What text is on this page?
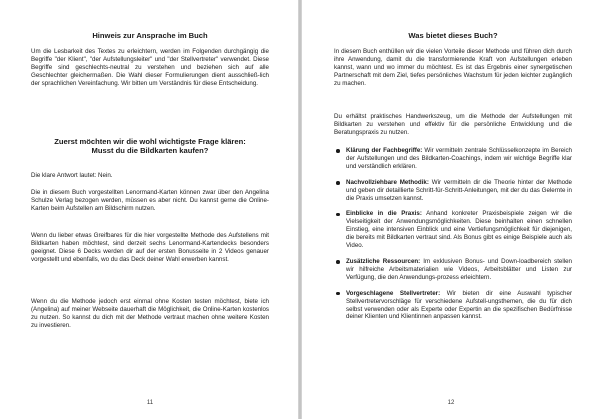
Hinweis zur Ansprache im Buch

Um die Lesbarkeit des Textes zu erleichtern, werden im Folgenden durchgängig die Begriffe "der Klient", "der Aufstellungsleiter" und "der Stellvertreter" verwendet. Diese Begriffe sind geschlechts-neutral zu verstehen und beziehen sich auf alle Geschlechter gleichermaßen. Die Wahl dieser Formulierungen dient ausschließ-lich der sprachlichen Vereinfachung. Wir bitten um Verständnis für diese Entscheidung.

Zuerst möchten wir die wohl wichtigste Frage klären:
Musst du die Bildkarten kaufen?

Die klare Antwort lautet: Nein.

Die in diesem Buch vorgestellten Lenormand-Karten können zwar über den Angelina Schulze Verlag bezogen werden, müssen es aber nicht. Du kannst gerne die Online-Karten beim Aufstellen am Bildschirm nutzen.

Wenn du lieber etwas Greifbares für die hier vorgestellte Methode des Aufstellens mit Bildkarten haben möchtest, sind derzeit sechs Lenormand-Kartendecks besonders geeignet. Diese 6 Decks werden dir auf der ersten Bonusseite in 2 Videos genauer vorgestellt und ebenfalls, wo du das Deck deiner Wahl erwerben kannst.

Wenn du die Methode jedoch erst einmal ohne Kosten testen möchtest, biete ich (Angelina) auf meiner Webseite dauerhaft die Möglichkeit, die Online-Karten kostenlos zu nutzen. So kannst du dich mit der Methode vertraut machen ohne weitere Kosten zu investieren.

11
Was bietet dieses Buch?

In diesem Buch enthüllen wir die vielen Vorteile dieser Methode und führen dich durch ihre Anwendung, damit du die transformierende Kraft von Aufstellungen erleben kannst, wann und wo immer du möchtest. Es ist das Ergebnis einer synergetischen Partnerschaft mit dem Ziel, tiefes persönliches Wachstum für jeden leichter zugänglich zu machen.

Du erhältst praktisches Handwerkszeug, um die Methode der Aufstellungen mit Bildkarten zu verstehen und effektiv für die persönliche Entwicklung und die Beratungspraxis zu nutzen.

Klärung der Fachbegriffe: Wir vermitteln zentrale Schlüsselkonzepte im Bereich der Aufstellungen und des Bildkarten-Coachings, indem wir wichtige Begriffe klar und verständlich erklären.

Nachvollziehbare Methodik: Wir vermitteln dir die Theorie hinter der Methode und geben dir detaillierte Schritt-für-Schritt-Anleitungen, mit der du das Gelernte in die Praxis umsetzen kannst.

Einblicke in die Praxis: Anhand konkreter Praxisbeispiele zeigen wir die Vielseitigkeit der Anwendungsmöglichkeiten. Diese beinhalten einen schnellen Einstieg, eine intensiven Einblick und eine Vertiefungsmöglichkeit für diejenigen, die bereits mit Bildkarten vertraut sind. Als Bonus gibt es einige Beispiele auch als Video.

Zusätzliche Ressourcen: Im exklusiven Bonus- und Down-loadbereich stellen wir hilfreiche Arbeitsmaterialien wie Videos, Arbeitsblätter und Listen zur Verfügung, die den Anwendungs-prozess erleichtern.

Vorgeschlagene Stellvertreter: Wir bieten dir eine Auswahl typischer Stellvertretervorschläge für verschiedene Aufstell-ungsthemen, die du für dich selbst verwenden oder als Experte oder Expertin an die spezifischen Bedürfnisse deiner Klienten und Klientinnen anpassen kannst.

12
